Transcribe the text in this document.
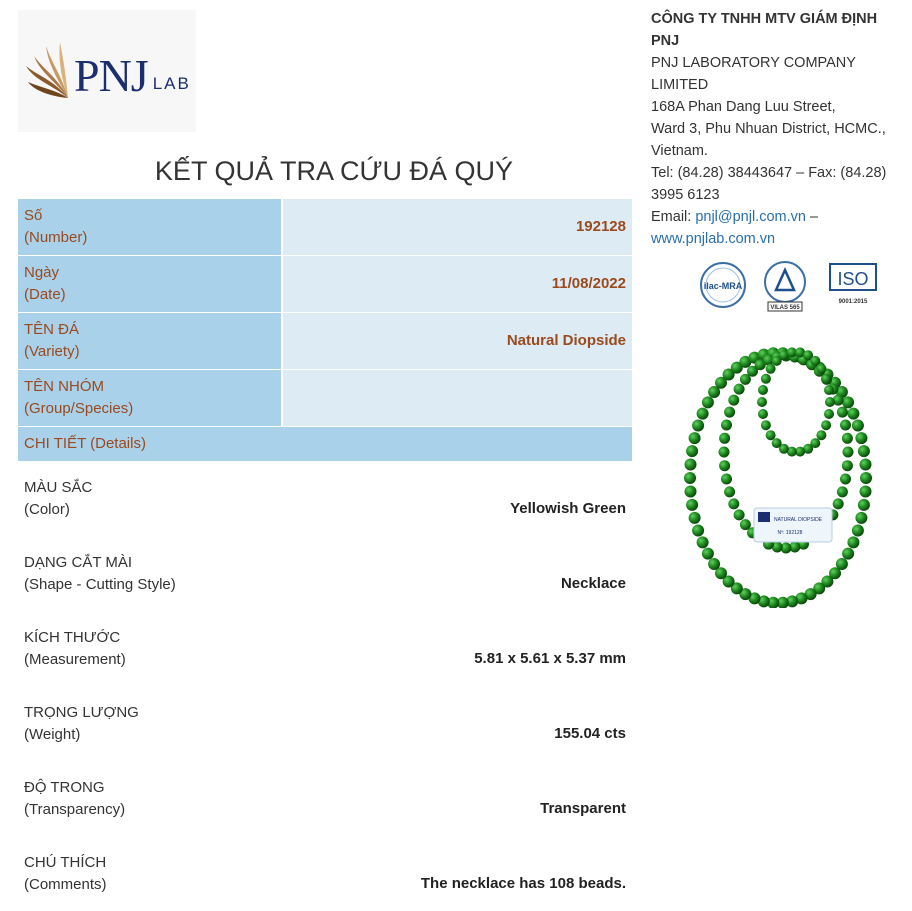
PNJ LAB
KẾT QUẢ TRA CỨU ĐÁ QUÝ
Số
(Number)	192128

Ngày
(Date)	11/08/2022

TÊN ĐÁ
(Variety)	Natural Diopside

TÊN NHÓM
(Group/Species)	

CHI TIẾT (Details)	

MÀU SẮC
(Color)	Yellowish Green

DẠNG CẮT MÀI
(Shape - Cutting Style)	Necklace

KÍCH THƯỚC
(Measurement)	5.81 x 5.61 x 5.37 mm

TRỌNG LƯỢNG
(Weight)	155.04 cts

ĐỘ TRONG
(Transparency)	Transparent

CHÚ THÍCH
(Comments)	The necklace has 108 beads.
CÔNG TY TNHH MTV GIÁM ĐỊNH PNJ
PNJ LABORATORY COMPANY LIMITED
168A Phan Dang Luu Street,
Ward 3, Phu Nhuan District, HCMC., Vietnam.
Tel: (84.28) 38443647 – Fax: (84.28) 3995 6123
Email: pnjl@pnjl.com.vn –
www.pnjlab.com.vn
ilac-MRA
VILAS 565
ISO
9001:2015
NATURAL DIOPSIDE
Nº: 192128
